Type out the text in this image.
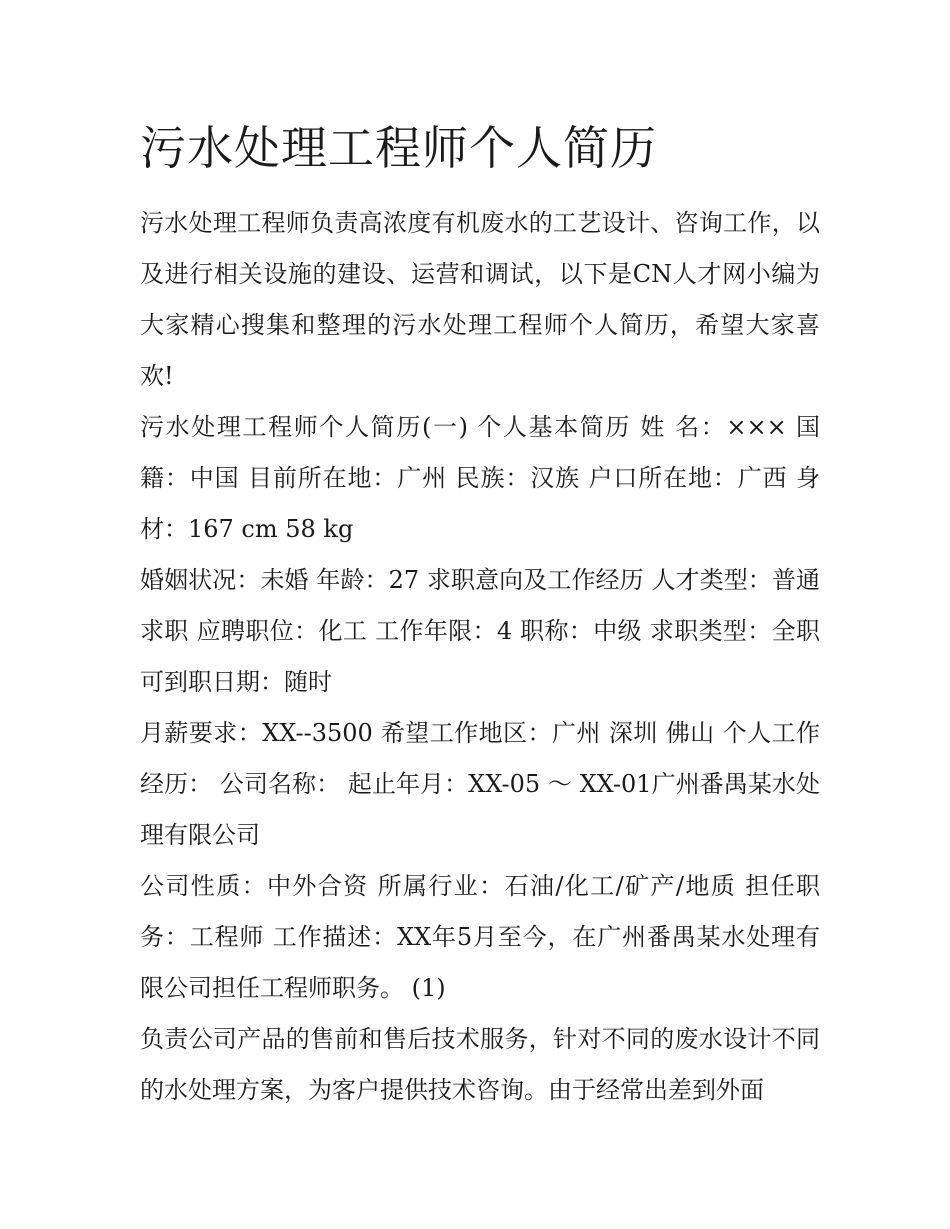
污水处理工程师个人简历

污水处理工程师负责高浓度有机废水的工艺设计、咨询工作，以及进行相关设施的建设、运营和调试，以下是CN人才网小编为大家精心搜集和整理的污水处理工程师个人简历，希望大家喜欢!

污水处理工程师个人简历(一) 个人基本简历 姓 名：××× 国籍：中国 目前所在地：广州 民族：汉族 户口所在地：广西 身材：167 cm 58 kg

婚姻状况：未婚 年龄：27 求职意向及工作经历 人才类型：普通求职 应聘职位：化工 工作年限：4 职称：中级 求职类型：全职 可到职日期：随时

月薪要求：XX--3500 希望工作地区：广州 深圳 佛山 个人工作经历： 公司名称： 起止年月：XX-05 ～ XX-01广州番禺某水处理有限公司

公司性质：中外合资 所属行业：石油/化工/矿产/地质 担任职务：工程师 工作描述：XX年5月至今，在广州番禺某水处理有限公司担任工程师职务。 (1)

负责公司产品的售前和售后技术服务，针对不同的废水设计不同的水处理方案，为客户提供技术咨询。由于经常出差到外面
